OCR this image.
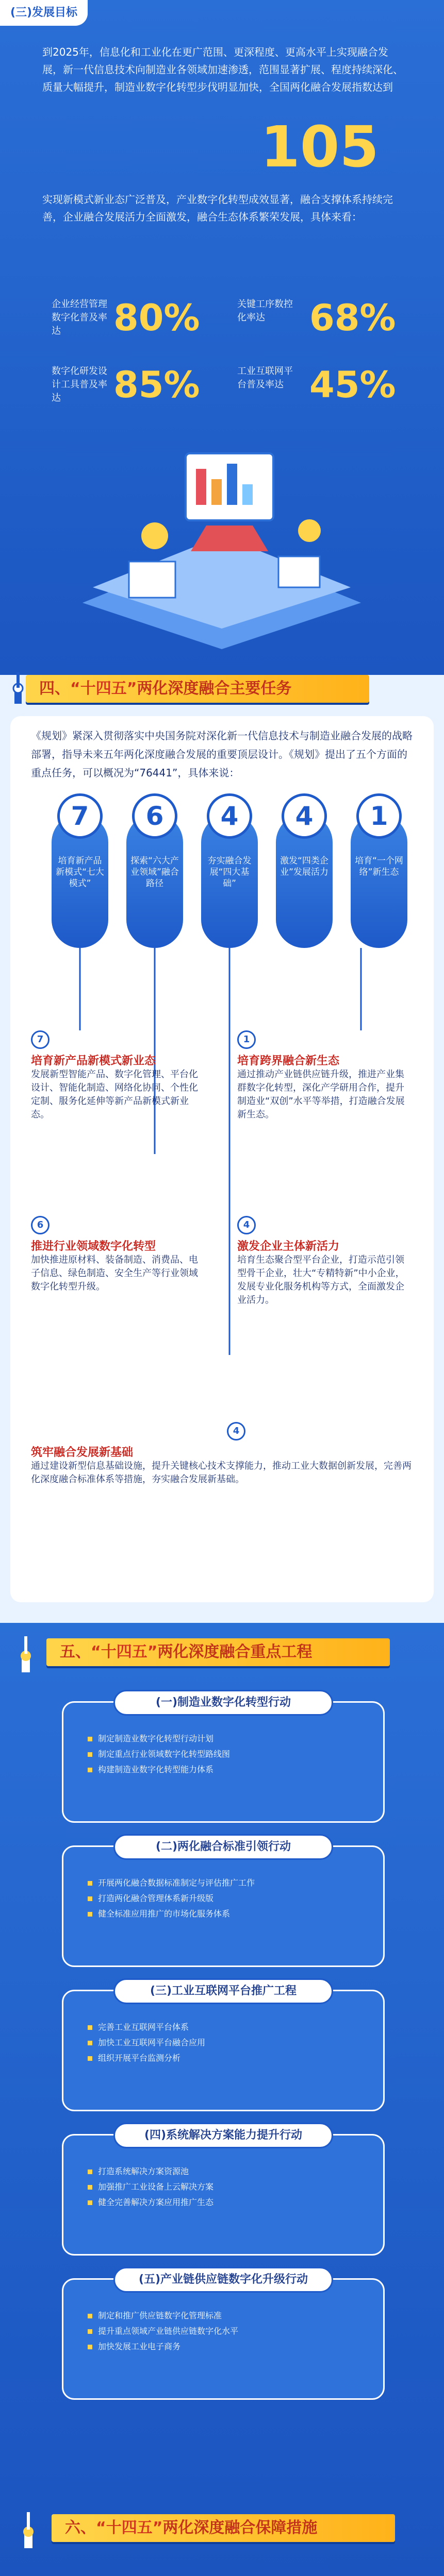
(三)发展目标
到2025年，信息化和工业化在更广范围、更深程度、更高水平上实现融合发展，新一代信息技术向制造业各领域加速渗透，范围显著扩展、程度持续深化、质量大幅提升，制造业数字化转型步伐明显加快，全国两化融合发展指数达到
105
实现新模式新业态广泛普及，产业数字化转型成效显著，融合支撑体系持续完善，企业融合发展活力全面激发，融合生态体系繁荣发展，具体来看：
企业经营管理数字化普及率达	80%	关键工序数控化率达	68%
数字化研发设计工具普及率达	85%	工业互联网平台普及率达 45%
四、“十四五”两化深度融合主要任务
《规划》紧深入贯彻落实中央国务院对深化新一代信息技术与制造业融合发展的战略部署，指导未来五年两化深度融合发展的重要顶层设计。《规划》提出了五个方面的重点任务，可以概况为“76441”，具体来说：
7
培育新产品新模式“七大模式”
6
探索“六大产业领域”融合路径
4
夯实融合发展“四大基础”
4
激发“四类企业”发展活力
1
培育“一个网络”新生态
7
培育新产品新模式新业态
发展新型智能产品、数字化管理、平台化设计、智能化制造、网络化协同、个性化定制、服务化延伸等新产品新模式新业态。
1
培育跨界融合新生态
通过推动产业链供应链升级，推进产业集群数字化转型，深化产学研用合作，提升制造业“双创”水平等举措，打造融合发展新生态。
6
推进行业领域数字化转型
加快推进原材料、装备制造、消费品、电子信息、绿色制造、安全生产等行业领域数字化转型升级。
4
激发企业主体新活力
培育生态聚合型平台企业，打造示范引领型骨干企业，壮大“专精特新”中小企业，发展专业化服务机构等方式，全面激发企业活力。
4
筑牢融合发展新基础
通过建设新型信息基础设施，提升关键核心技术支撑能力，推动工业大数据创新发展，完善两化深度融合标准体系等措施，夯实融合发展新基础。
五、“十四五”两化深度融合重点工程
(一)制造业数字化转型行动
制定制造业数字化转型行动计划
制定重点行业领域数字化转型路线图
构建制造业数字化转型能力体系
(二)两化融合标准引领行动
开展两化融合数据标准制定与评估推广工作
打造两化融合管理体系新升级版
健全标准应用推广的市场化服务体系
(三)工业互联网平台推广工程
完善工业互联网平台体系
加快工业互联网平台融合应用
组织开展平台监测分析
(四)系统解决方案能力提升行动
打造系统解决方案资源池
加强推广工业设备上云解决方案
健全完善解决方案应用推广生态
(五)产业链供应链数字化升级行动
制定和推广供应链数字化管理标准
提升重点领域产业链供应链数字化水平
加快发展工业电子商务
六、“十四五”两化深度融合保障措施
